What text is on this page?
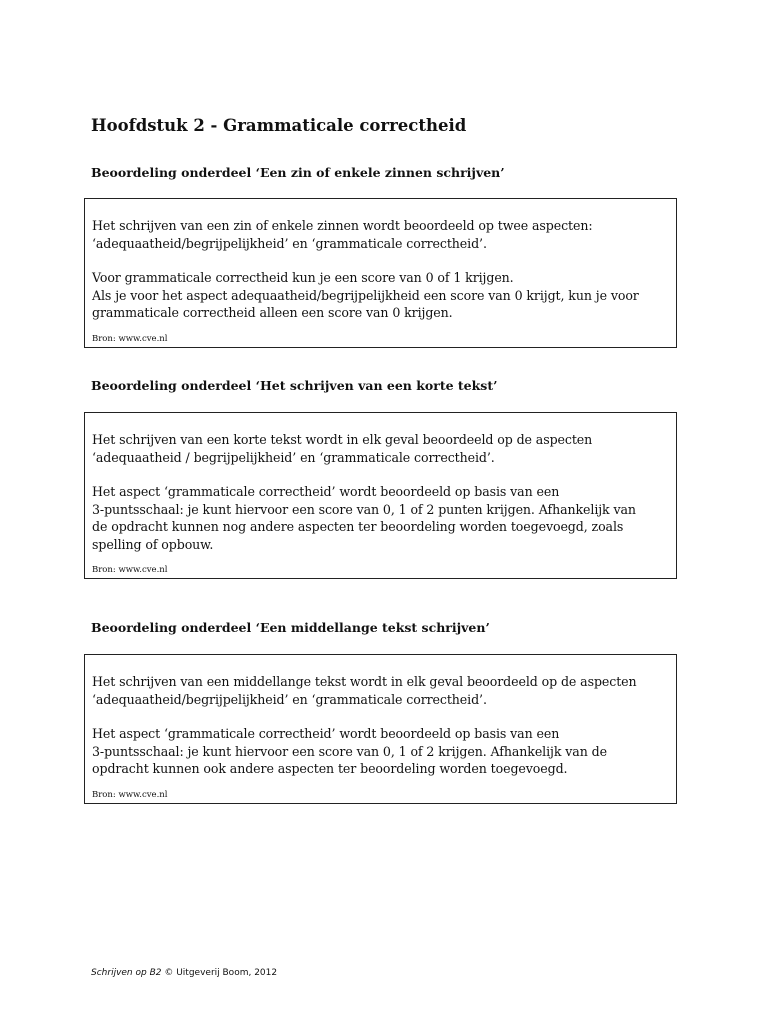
Hoofdstuk 2 - Grammaticale correctheid
Beoordeling onderdeel ‘Een zin of enkele zinnen schrijven’

Het schrijven van een zin of enkele zinnen wordt beoordeeld op twee aspecten:
‘adequaatheid/begrijpelijkheid’ en ‘grammaticale correctheid’.

Voor grammaticale correctheid kun je een score van 0 of 1 krijgen.
Als je voor het aspect adequaatheid/begrijpelijkheid een score van 0 krijgt, kun je voor
grammaticale correctheid alleen een score van 0 krijgen.

Bron: www.cve.nl
Beoordeling onderdeel ‘Het schrijven van een korte tekst’

Het schrijven van een korte tekst wordt in elk geval beoordeeld op de aspecten
‘adequaatheid / begrijpelijkheid’ en ‘grammaticale correctheid’.

Het aspect ‘grammaticale correctheid’ wordt beoordeeld op basis van een
3-puntsschaal: je kunt hiervoor een score van 0, 1 of 2 punten krijgen. Afhankelijk van
de opdracht kunnen nog andere aspecten ter beoordeling worden toegevoegd, zoals
spelling of opbouw.

Bron: www.cve.nl
Beoordeling onderdeel ‘Een middellange tekst schrijven’

Het schrijven van een middellange tekst wordt in elk geval beoordeeld op de aspecten
‘adequaatheid/begrijpelijkheid’ en ‘grammaticale correctheid’.

Het aspect ‘grammaticale correctheid’ wordt beoordeeld op basis van een
3-puntsschaal: je kunt hiervoor een score van 0, 1 of 2 krijgen. Afhankelijk van de
opdracht kunnen ook andere aspecten ter beoordeling worden toegevoegd.

Bron: www.cve.nl
Schrijven op B2 © Uitgeverij Boom, 2012
